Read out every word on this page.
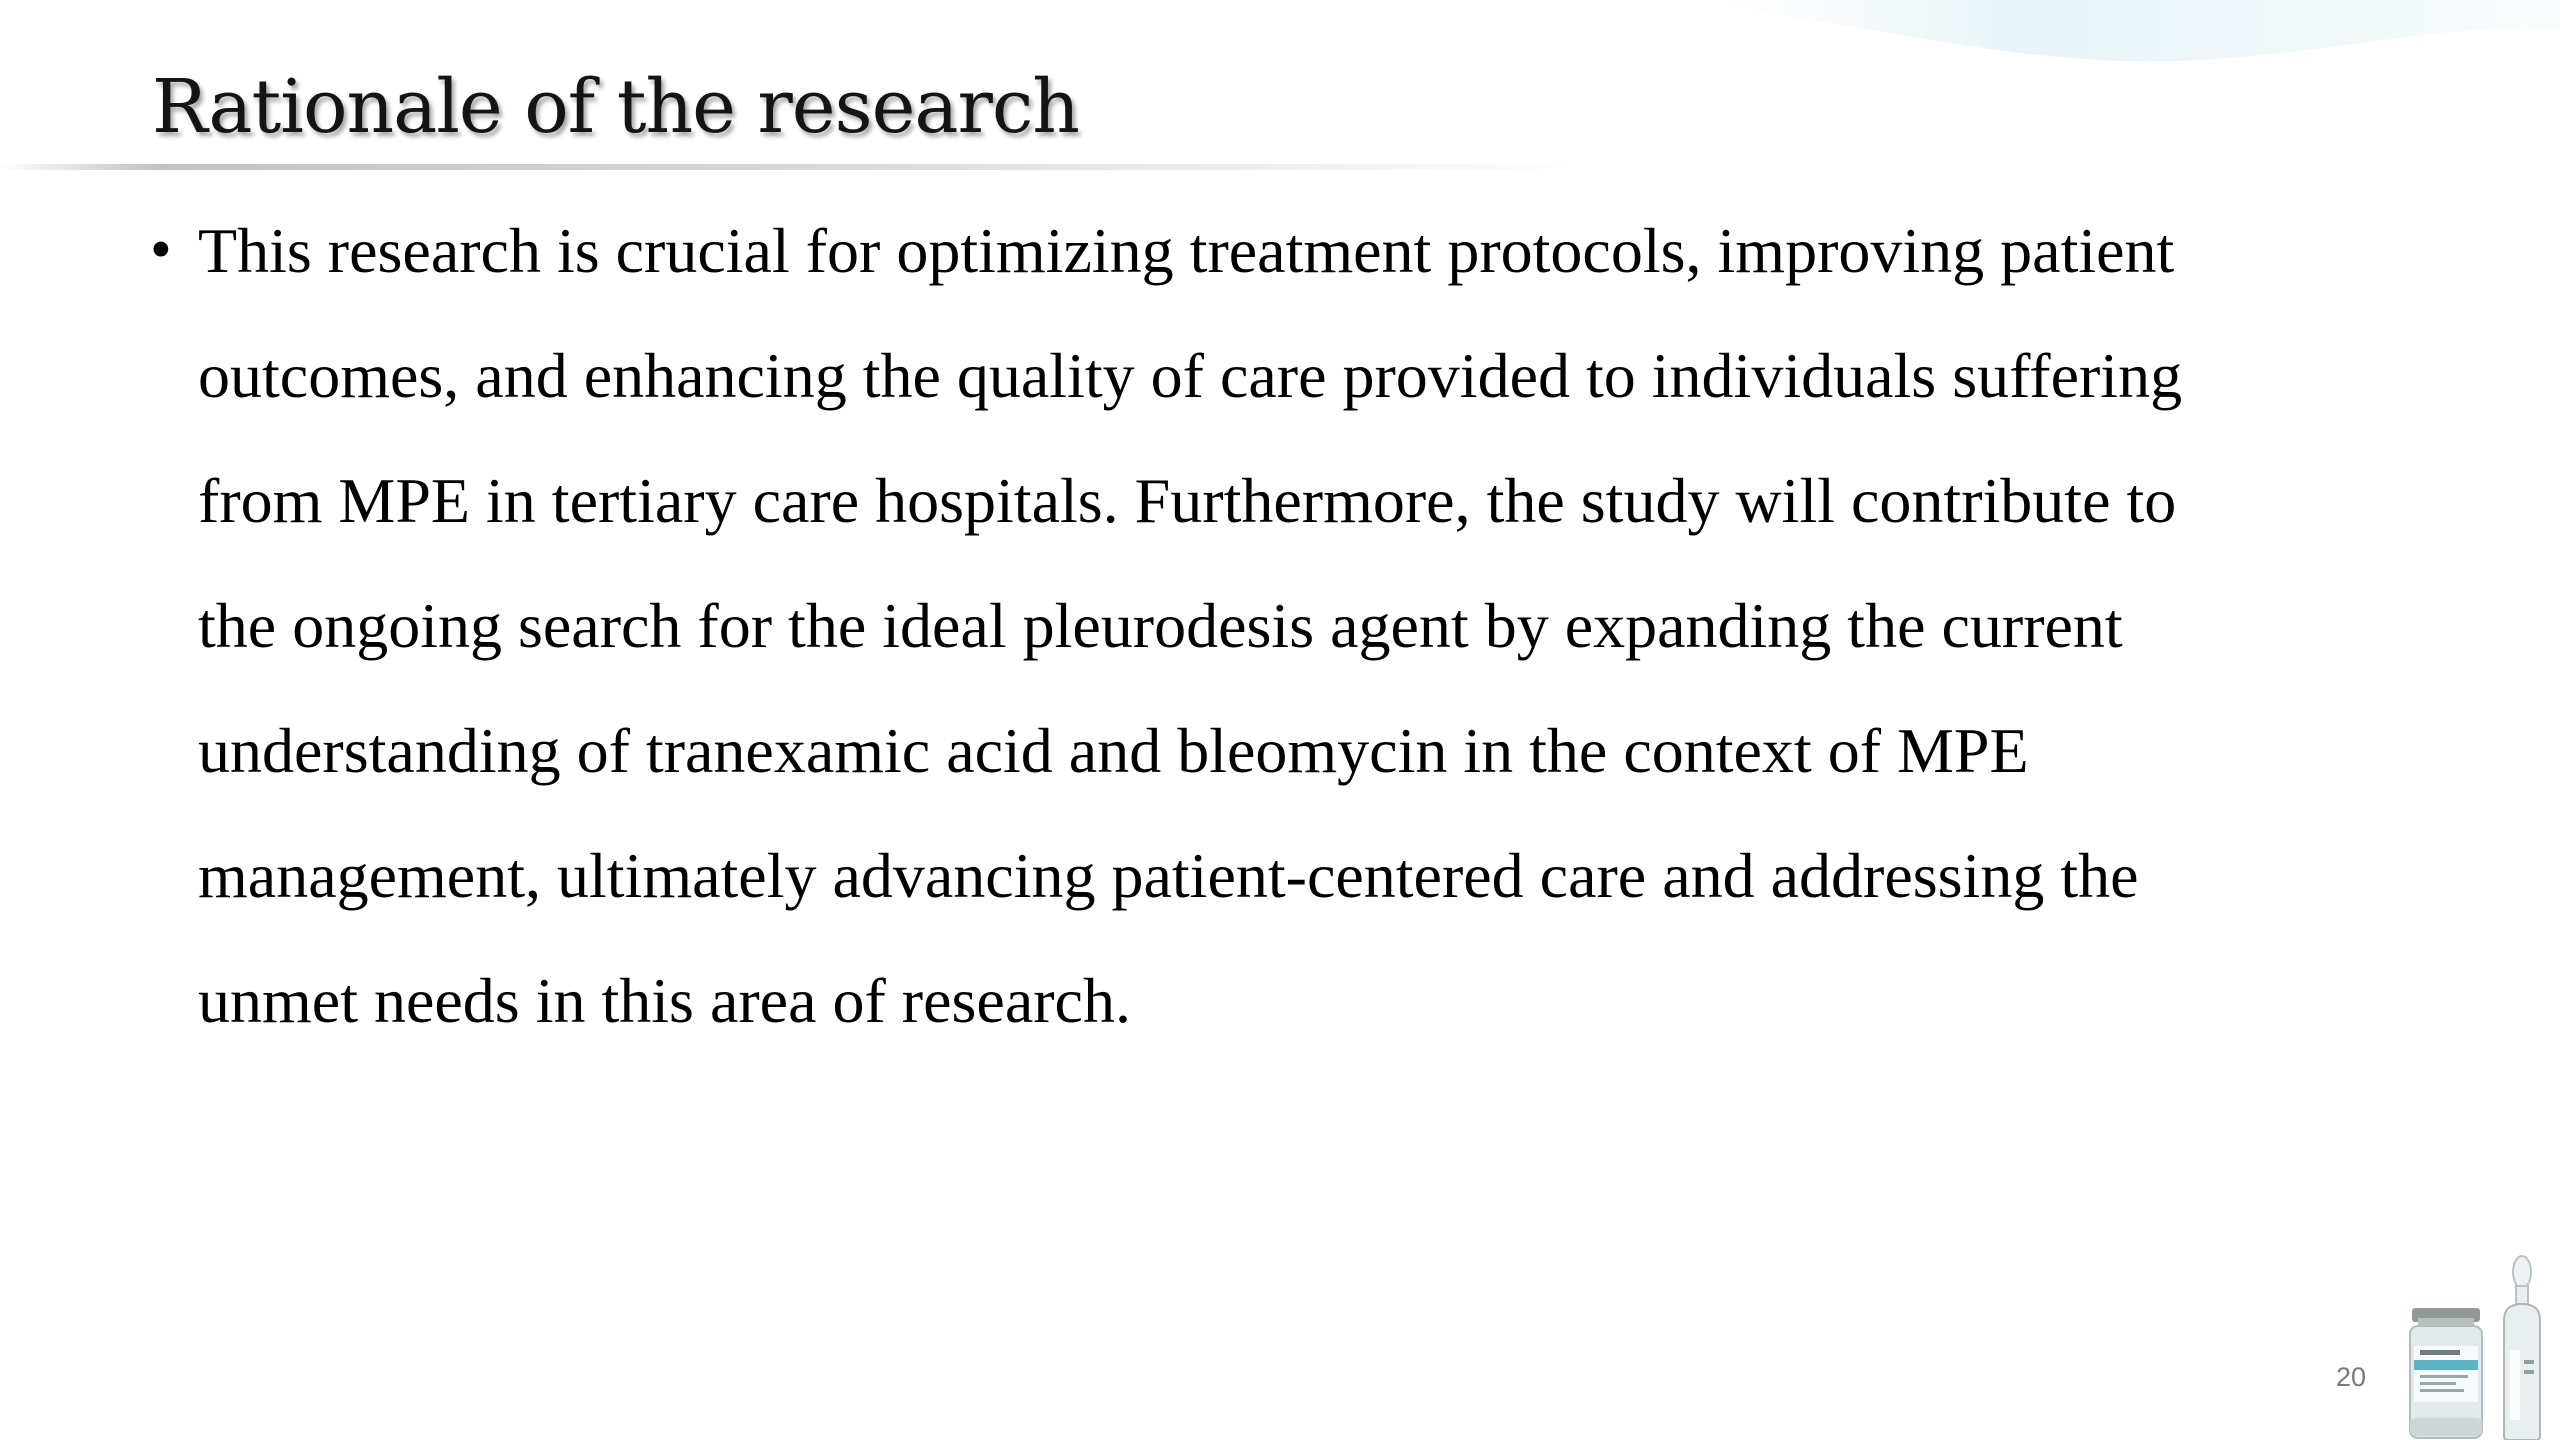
Rationale of the research
• This research is crucial for optimizing treatment protocols, improving patient
outcomes, and enhancing the quality of care provided to individuals suffering
from MPE in tertiary care hospitals. Furthermore, the study will contribute to
the ongoing search for the ideal pleurodesis agent by expanding the current
understanding of tranexamic acid and bleomycin in the context of MPE
management, ultimately advancing patient-centered care and addressing the
unmet needs in this area of research.
20
